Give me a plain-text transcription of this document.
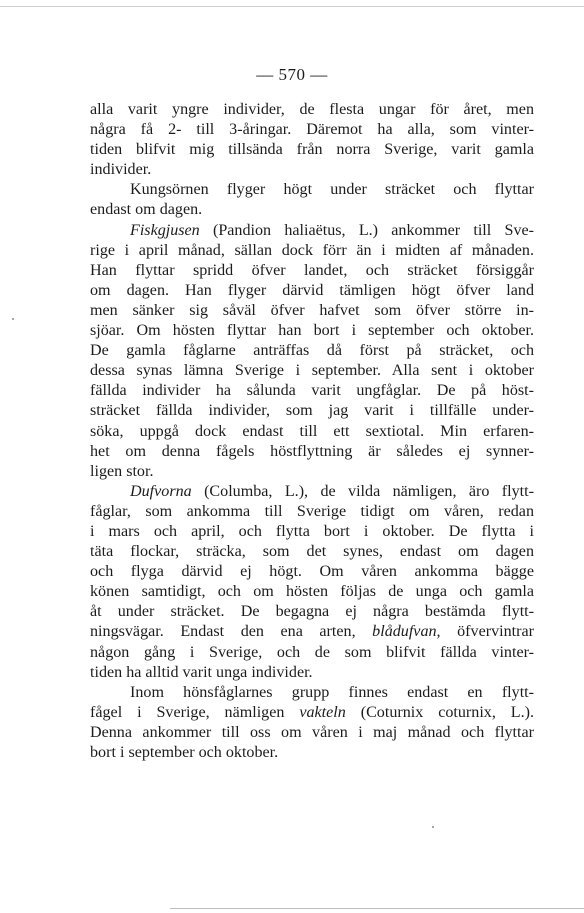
— 570 —
alla varit yngre individer, de flesta ungar för året, men
några få 2- till 3-åringar. Däremot ha alla, som vinter-
tiden blifvit mig tillsända från norra Sverige, varit gamla
individer.
Kungsörnen flyger högt under sträcket och flyttar
endast om dagen.
Fiskgjusen (Pandion haliaëtus, L.) ankommer till Sve-
rige i april månad, sällan dock förr än i midten af månaden.
Han flyttar spridd öfver landet, och sträcket försiggår
om dagen. Han flyger därvid tämligen högt öfver land
men sänker sig såväl öfver hafvet som öfver större in-
sjöar. Om hösten flyttar han bort i september och oktober.
De gamla fåglarne anträffas då först på sträcket, och
dessa synas lämna Sverige i september. Alla sent i oktober
fällda individer ha sålunda varit ungfåglar. De på höst-
sträcket fällda individer, som jag varit i tillfälle under-
söka, uppgå dock endast till ett sextiotal. Min erfaren-
het om denna fågels höstflyttning är således ej synner-
ligen stor.
Dufvorna (Columba, L.), de vilda nämligen, äro flytt-
fåglar, som ankomma till Sverige tidigt om våren, redan
i mars och april, och flytta bort i oktober. De flytta i
täta flockar, sträcka, som det synes, endast om dagen
och flyga därvid ej högt. Om våren ankomma bägge
könen samtidigt, och om hösten följas de unga och gamla
åt under sträcket. De begagna ej några bestämda flytt-
ningsvägar. Endast den ena arten, blådufvan, öfvervintrar
någon gång i Sverige, och de som blifvit fällda vinter-
tiden ha alltid varit unga individer.
Inom hönsfåglarnes grupp finnes endast en flytt-
fågel i Sverige, nämligen vakteln (Coturnix coturnix, L.).
Denna ankommer till oss om våren i maj månad och flyttar
bort i september och oktober.
